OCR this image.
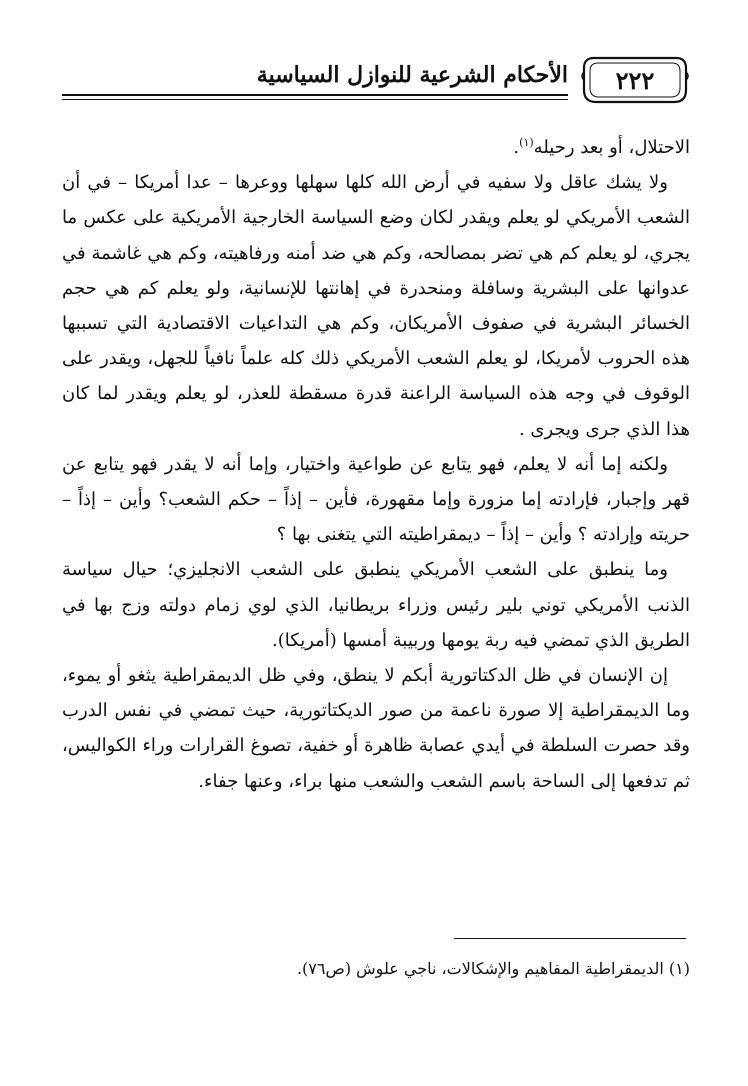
الأحكام الشرعية للنوازل السياسية	٢٢٢

الاحتلال، أو بعد رحيله$^{(١)}$.

ولا يشك عاقل ولا سفيه في أرض الله كلها سهلها ووعرها – عدا أمريكا – في أن الشعب الأمريكي لو يعلم ويقدر لكان وضع السياسة الخارجية الأمريكية على عكس ما يجري، لو يعلم كم هي تضر بمصالحه، وكم هي ضد أمنه ورفاهيته، وكم هي غاشمة في عدوانها على البشرية وسافلة ومنحدرة في إهانتها للإنسانية، ولو يعلم كم هي حجم الخسائر البشرية في صفوف الأمريكان، وكم هي التداعيات الاقتصادية التي تسببها هذه الحروب لأمريكا، لو يعلم الشعب الأمريكي ذلك كله علماً نافياً للجهل، ويقدر على الوقوف في وجه هذه السياسة الراعنة قدرة مسقطة للعذر، لو يعلم ويقدر لما كان هذا الذي جرى ويجرى .

ولكنه إما أنه لا يعلم، فهو يتابع عن طواعية واختيار، وإما أنه لا يقدر فهو يتابع عن قهر وإجبار، فإرادته إما مزورة وإما مقهورة، فأين – إذاً – حكم الشعب؟ وأين – إذاً – حريته وإرادته ؟ وأين – إذاً – ديمقراطيته التي يتغنى بها ؟

وما ينطبق على الشعب الأمريكي ينطبق على الشعب الانجليزي؛ حيال سياسة الذنب الأمريكي توني بلير رئيس وزراء بريطانيا، الذي لوي زمام دولته وزج بها في الطريق الذي تمضي فيه ربة يومها وربيبة أمسها (أمريكا).

إن الإنسان في ظل الدكتاتورية أبكم لا ينطق، وفي ظل الديمقراطية يثغو أو يموء، وما الديمقراطية إلا صورة ناعمة من صور الديكتاتورية، حيث تمضي في نفس الدرب وقد حصرت السلطة في أيدي عصابة ظاهرة أو خفية، تصوغ القرارات وراء الكواليس، ثم تدفعها إلى الساحة باسم الشعب والشعب منها براء، وعنها جفاء.

(١) الديمقراطية المفاهيم والإشكالات، ناجي علوش (ص٧٦).
